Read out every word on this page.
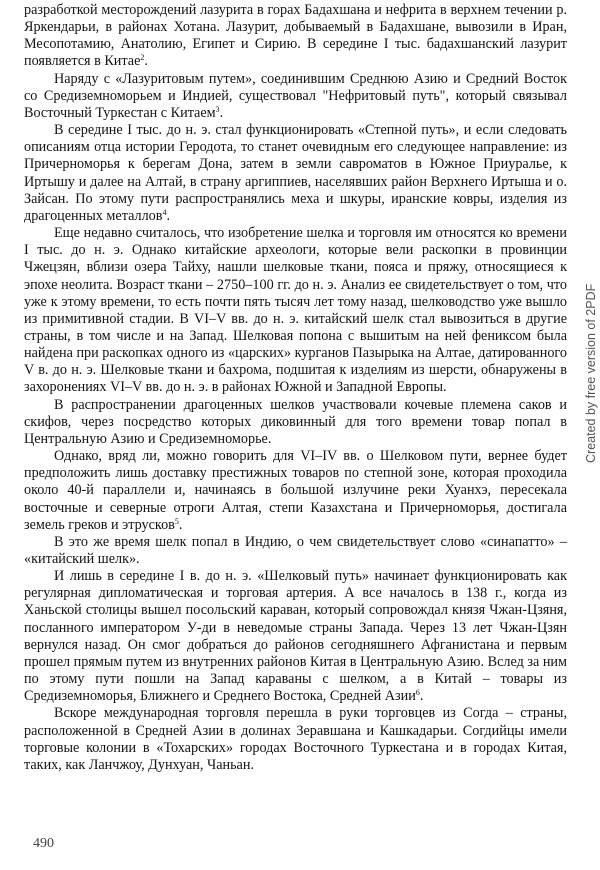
разработкой месторождений лазурита в горах Бадахшана и нефрита в верхнем течении р. Яркендарьи, в районах Хотана. Лазурит, добываемый в Бадахшане, вывозили в Иран, Месопотамию, Анатолию, Египет и Сирию. В середине I тыс. бадахшанский лазурит появляется в Китае$^2$.

Наряду с «Лазуритовым путем», соединившим Среднюю Азию и Средний Восток со Средиземноморьем и Индией, существовал "Нефритовый путь", который связывал Восточный Туркестан с Китаем$^3$.

В середине I тыс. до н. э. стал функционировать «Степной путь», и если следовать описаниям отца истории Геродота, то станет очевидным его следующее направление: из Причерноморья к берегам Дона, затем в земли савроматов в Южное Приуралье, к Иртышу и далее на Алтай, в страну аргиппиев, населявших район Верхнего Иртыша и о. Зайсан. По этому пути распространялись меха и шкуры, иранские ковры, изделия из драгоценных металлов$^4$.

Еще недавно считалось, что изобретение шелка и торговля им относятся ко времени I тыс. до н. э. Однако китайские археологи, которые вели раскопки в провинции Чжецзян, вблизи озера Тайху, нашли шелковые ткани, пояса и пряжу, относящиеся к эпохе неолита. Возраст ткани – 2750–100 гг. до н. э. Анализ ее свидетельствует о том, что уже к этому времени, то есть почти пять тысяч лет тому назад, шелководство уже вышло из примитивной стадии. В VI–V вв. до н. э. китайский шелк стал вывозиться в другие страны, в том числе и на Запад. Шелковая попона с вышитым на ней фениксом была найдена при раскопках одного из «царских» курганов Пазырыка на Алтае, датированного V в. до н. э. Шелковые ткани и бахрома, подшитая к изделиям из шерсти, обнаружены в захоронениях VI–V вв. до н. э. в районах Южной и Западной Европы.

В распространении драгоценных шелков участвовали кочевые племена саков и скифов, через посредство которых диковинный для того времени товар попал в Центральную Азию и Средиземноморье.

Однако, вряд ли, можно говорить для VI–IV вв. о Шелковом пути, вернее будет предположить лишь доставку престижных товаров по степной зоне, которая проходила около 40-й параллели и, начинаясь в большой излучине реки Хуанхэ, пересекала восточные и северные отроги Алтая, степи Казахстана и Причерноморья, достигала земель греков и этрусков$^5$.

В это же время шелк попал в Индию, о чем свидетельствует слово «синапатто» – «китайский шелк».

И лишь в середине I в. до н. э. «Шелковый путь» начинает функционировать как регулярная дипломатическая и торговая артерия. А все началось в 138 г., когда из Ханьской столицы вышел посольский караван, который сопровождал князя Чжан-Цзяня, посланного императором У-ди в неведомые страны Запада. Через 13 лет Чжан-Цзян вернулся назад. Он смог добраться до районов сегодняшнего Афганистана и первым прошел прямым путем из внутренних районов Китая в Центральную Азию. Вслед за ним по этому пути пошли на Запад караваны с шелком, а в Китай – товары из Средиземноморья, Ближнего и Среднего Востока, Средней Азии$^6$.

Вскоре международная торговля перешла в руки торговцев из Согда – страны, расположенной в Средней Азии в долинах Зеравшана и Кашкадарьи. Согдийцы имели торговые колонии в «Тохарских» городах Восточного Туркестана и в городах Китая, таких, как Ланчжоу, Дунхуан, Чаньан.

490
Created by free version of 2PDF
